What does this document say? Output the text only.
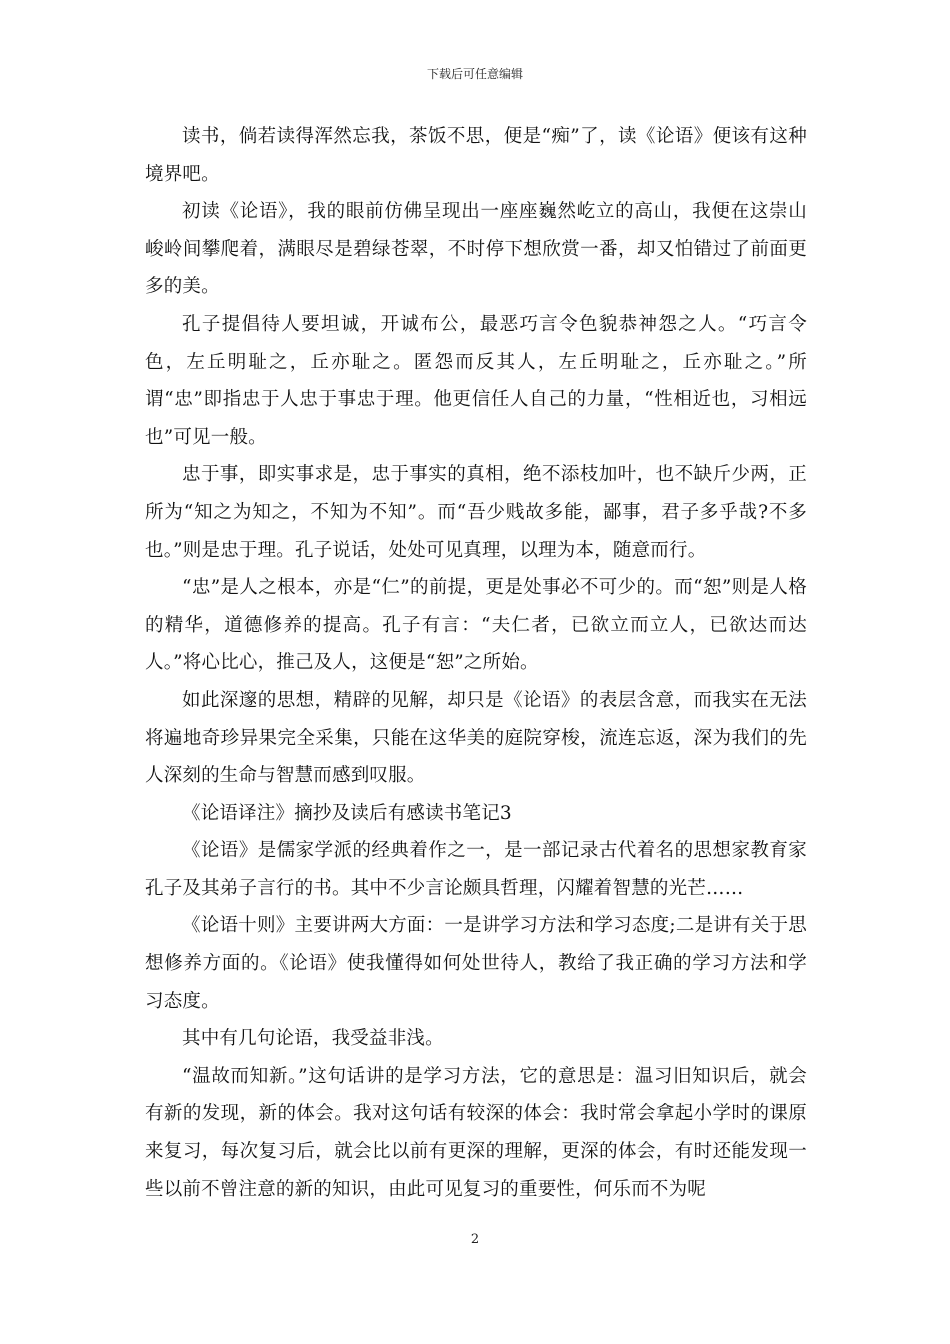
下载后可任意编辑

读书，倘若读得浑然忘我，茶饭不思，便是“痴”了，读《论语》便该有这种境界吧。

初读《论语》，我的眼前仿佛呈现出一座座巍然屹立的高山，我便在这崇山峻岭间攀爬着，满眼尽是碧绿苍翠，不时停下想欣赏一番，却又怕错过了前面更多的美。

孔子提倡待人要坦诚，开诚布公，最恶巧言令色貌恭神怨之人。“巧言令色，左丘明耻之，丘亦耻之。匿怨而反其人，左丘明耻之，丘亦耻之。”所谓“忠”即指忠于人忠于事忠于理。他更信任人自己的力量，“性相近也，习相远也”可见一般。

忠于事，即实事求是，忠于事实的真相，绝不添枝加叶，也不缺斤少两，正所为“知之为知之，不知为不知”。而“吾少贱故多能，鄙事，君子多乎哉?不多也。”则是忠于理。孔子说话，处处可见真理，以理为本，随意而行。

“忠”是人之根本，亦是“仁”的前提，更是处事必不可少的。而“恕”则是人格的精华，道德修养的提高。孔子有言：“夫仁者，已欲立而立人，已欲达而达人。”将心比心，推己及人，这便是“恕”之所始。

如此深邃的思想，精辟的见解，却只是《论语》的表层含意，而我实在无法将遍地奇珍异果完全采集，只能在这华美的庭院穿梭，流连忘返，深为我们的先人深刻的生命与智慧而感到叹服。

《论语译注》摘抄及读后有感读书笔记3

《论语》是儒家学派的经典着作之一，是一部记录古代着名的思想家教育家孔子及其弟子言行的书。其中不少言论颇具哲理，闪耀着智慧的光芒……

《论语十则》主要讲两大方面：一是讲学习方法和学习态度;二是讲有关于思想修养方面的。《论语》使我懂得如何处世待人，教给了我正确的学习方法和学习态度。

其中有几句论语，我受益非浅。

“温故而知新。”这句话讲的是学习方法，它的意思是：温习旧知识后，就会有新的发现，新的体会。我对这句话有较深的体会：我时常会拿起小学时的课原来复习，每次复习后，就会比以前有更深的理解，更深的体会，有时还能发现一些以前不曾注意的新的知识，由此可见复习的重要性，何乐而不为呢

2
